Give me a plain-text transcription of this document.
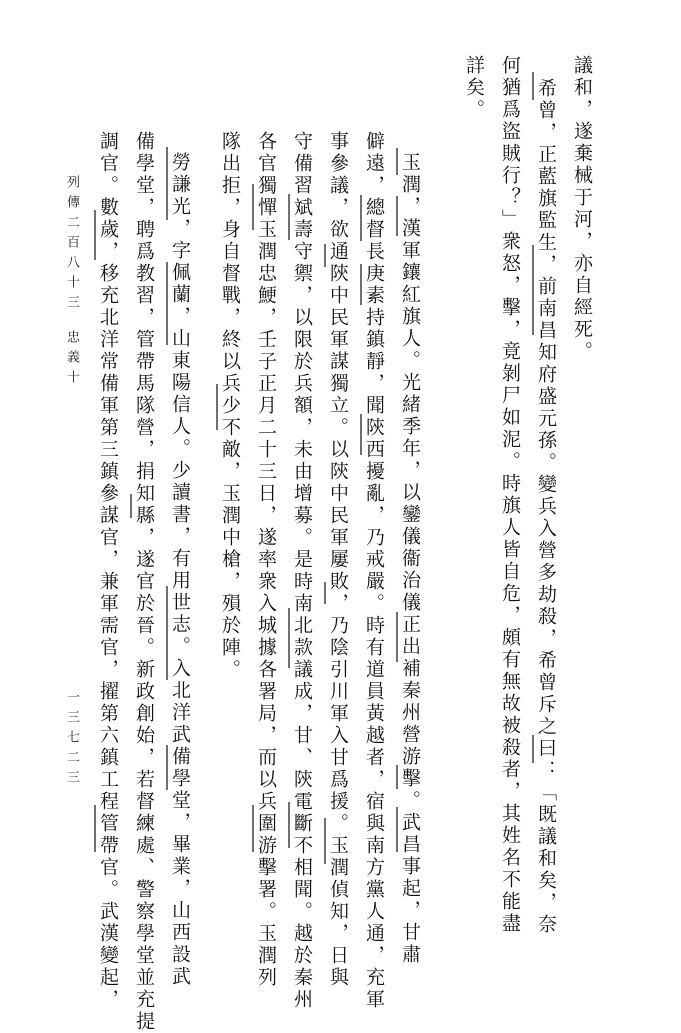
議和，遂棄械于河，亦自經死。
希曾，正藍旗監生，前南昌知府盛元孫。變兵入營多劫殺，希曾斥之曰：「既議和矣，奈
何猶爲盜賊行？」衆怒，擊，竟剝尸如泥。時旗人皆自危，頗有無故被殺者，其姓名不能盡
詳矣。
玉潤，漢軍鑲紅旗人。光緒季年，以鑾儀衞治儀正出補秦州營游擊。武昌事起，甘肅
僻遠，總督長庚素持鎮靜，聞陝西擾亂，乃戒嚴。時有道員黃越者，宿與南方黨人通，充軍
事參議，欲通陝中民軍謀獨立。以陝中民軍屢敗，乃陰引川軍入甘爲援。玉潤偵知，日與
守備習斌壽守禦，以限於兵額，未由增募。是時南北款議成，甘、陝電斷不相聞。越於秦州
各官獨憚玉潤忠鯁，壬子正月二十三日，遂率衆入城據各署局，而以兵圍游擊署。玉潤列
隊出拒，身自督戰，終以兵少不敵，玉潤中槍，殞於陣。
勞謙光，字佩蘭，山東陽信人。少讀書，有用世志。入北洋武備學堂，畢業，山西設武
備學堂，聘爲教習，管帶馬隊營，捐知縣，遂官於晉。新政創始，若督練處、警察學堂並充提
調官。數歲，移充北洋常備軍第三鎮參謀官，兼軍需官，擢第六鎮工程管帶官。武漢變起，
列傳二百八十三
忠義十
一三七二三
